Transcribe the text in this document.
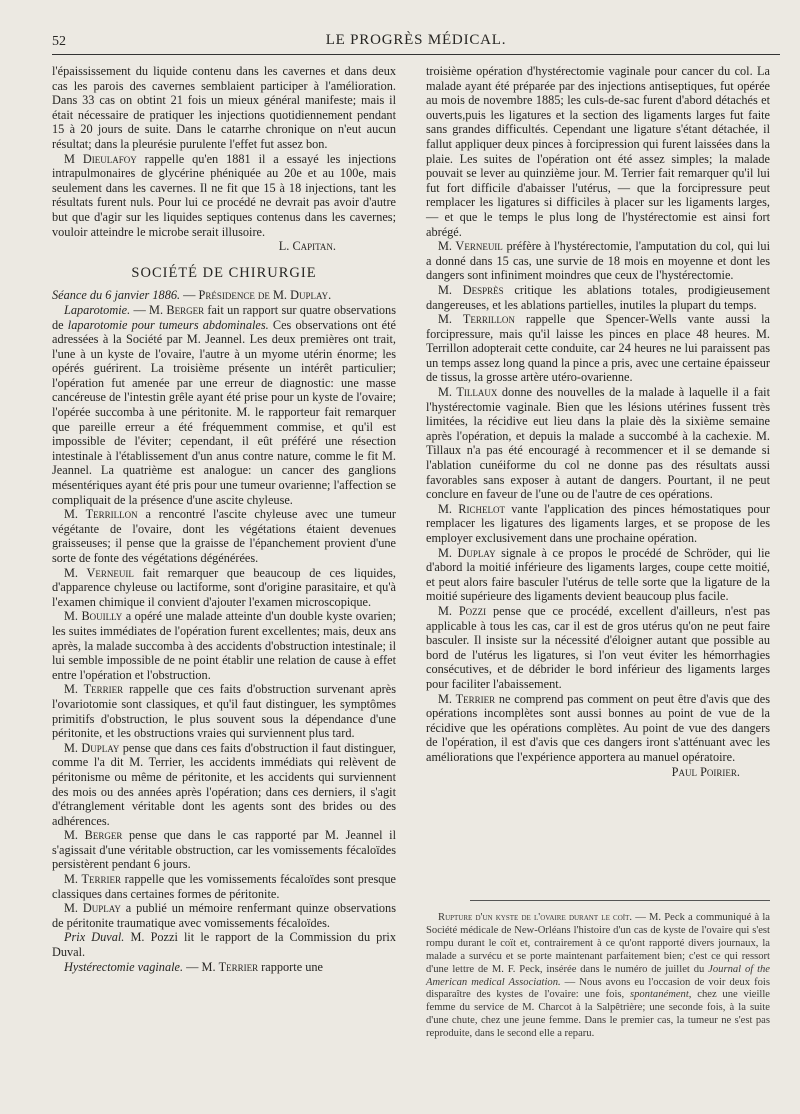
52	LE PROGRÈS MÉDICAL.

l'épaississement du liquide contenu dans les cavernes et dans deux cas les parois des cavernes semblaient participer à l'amélioration. Dans 33 cas on obtint 21 fois un mieux général manifeste; mais il était nécessaire de pratiquer les injections quotidiennement pendant 15 à 20 jours de suite. Dans le catarrhe chronique on n'eut aucun résultat; dans la pleurésie purulente l'effet fut assez bon.

M Dieulafoy rappelle qu'en 1881 il a essayé les injections intrapulmonaires de glycérine phéniquée au 20e et au 100e, mais seulement dans les cavernes. Il ne fit que 15 à 18 injections, tant les résultats furent nuls. Pour lui ce procédé ne devrait pas avoir d'autre but que d'agir sur les liquides septiques contenus dans les cavernes; vouloir atteindre le microbe serait illusoire.

L. Capitan.

SOCIÉTÉ DE CHIRURGIE

Séance du 6 janvier 1886. — Présidence de M. Duplay.

Laparotomie. — M. Berger fait un rapport sur quatre observations de laparotomie pour tumeurs abdominales. Ces observations ont été adressées à la Société par M. Jeannel. Les deux premières ont trait, l'une à un kyste de l'ovaire, l'autre à un myome utérin énorme; les opérés guérirent. La troisième présente un intérêt particulier; l'opération fut amenée par une erreur de diagnostic: une masse cancéreuse de l'intestin grêle ayant été prise pour un kyste de l'ovaire; l'opérée succomba à une péritonite. M. le rapporteur fait remarquer que pareille erreur a été fréquemment commise, et qu'il est impossible de l'éviter; cependant, il eût préféré une résection intestinale à l'établissement d'un anus contre nature, comme le fit M. Jeannel. La quatrième est analogue: un cancer des ganglions mésentériques ayant été pris pour une tumeur ovarienne; l'affection se compliquait de la présence d'une ascite chyleuse.

M. Terrillon a rencontré l'ascite chyleuse avec une tumeur végétante de l'ovaire, dont les végétations étaient devenues graisseuses; il pense que la graisse de l'épanchement provient d'une sorte de fonte des végétations dégénérées.

M. Verneuil fait remarquer que beaucoup de ces liquides, d'apparence chyleuse ou lactiforme, sont d'origine parasitaire, et qu'à l'examen chimique il convient d'ajouter l'examen microscopique.

M. Bouilly a opéré une malade atteinte d'un double kyste ovarien; les suites immédiates de l'opération furent excellentes; mais, deux ans après, la malade succomba à des accidents d'obstruction intestinale; il lui semble impossible de ne point établir une relation de cause à effet entre l'opération et l'obstruction.

M. Terrier rappelle que ces faits d'obstruction survenant après l'ovariotomie sont classiques, et qu'il faut distinguer, les symptômes primitifs d'obstruction, le plus souvent sous la dépendance d'une péritonite, et les obstructions vraies qui surviennent plus tard.

M. Duplay pense que dans ces faits d'obstruction il faut distinguer, comme l'a dit M. Terrier, les accidents immédiats qui relèvent de péritonisme ou même de péritonite, et les accidents qui surviennent des mois ou des années après l'opération; dans ces derniers, il s'agit d'étranglement véritable dont les agents sont des brides ou des adhérences.

M. Berger pense que dans le cas rapporté par M. Jeannel il s'agissait d'une véritable obstruction, car les vomissements fécaloïdes persistèrent pendant 6 jours.

M. Terrier rappelle que les vomissements fécaloïdes sont presque classiques dans certaines formes de péritonite.

M. Duplay a publié un mémoire renfermant quinze observations de péritonite traumatique avec vomissements fécaloïdes.

Prix Duval. M. Pozzi lit le rapport de la Commission du prix Duval.

Hystérectomie vaginale. — M. Terrier rapporte une

troisième opération d'hystérectomie vaginale pour cancer du col. La malade ayant été préparée par des injections antiseptiques, fut opérée au mois de novembre 1885; les culs-de-sac furent d'abord détachés et ouverts,puis les ligatures et la section des ligaments larges fut faite sans grandes difficultés. Cependant une ligature s'étant détachée, il fallut appliquer deux pinces à forcipression qui furent laissées dans la plaie. Les suites de l'opération ont été assez simples; la malade pouvait se lever au quinzième jour. M. Terrier fait remarquer qu'il lui fut fort difficile d'abaisser l'utérus, — que la forcipressure peut remplacer les ligatures si difficiles à placer sur les ligaments larges, — et que le temps le plus long de l'hystérectomie est ainsi fort abrégé.

M. Verneuil préfère à l'hystérectomie, l'amputation du col, qui lui a donné dans 15 cas, une survie de 18 mois en moyenne et dont les dangers sont infiniment moindres que ceux de l'hystérectomie.

M. Desprès critique les ablations totales, prodigieusement dangereuses, et les ablations partielles, inutiles la plupart du temps.

M. Terrillon rappelle que Spencer-Wells vante aussi la forcipressure, mais qu'il laisse les pinces en place 48 heures. M. Terrillon adopterait cette conduite, car 24 heures ne lui paraissent pas un temps assez long quand la pince a pris, avec une certaine épaisseur de tissus, la grosse artère utéro-ovarienne.

M. Tillaux donne des nouvelles de la malade à laquelle il a fait l'hystérectomie vaginale. Bien que les lésions utérines fussent très limitées, la récidive eut lieu dans la plaie dès la sixième semaine après l'opération, et depuis la malade a succombé à la cachexie. M. Tillaux n'a pas été encouragé à recommencer et il se demande si l'ablation cunéiforme du col ne donne pas des résultats aussi favorables sans exposer à autant de dangers. Pourtant, il ne peut conclure en faveur de l'une ou de l'autre de ces opérations.

M. Richelot vante l'application des pinces hémostatiques pour remplacer les ligatures des ligaments larges, et se propose de les employer exclusivement dans une prochaine opération.

M. Duplay signale à ce propos le procédé de Schröder, qui lie d'abord la moitié inférieure des ligaments larges, coupe cette moitié, et peut alors faire basculer l'utérus de telle sorte que la ligature de la moitié supérieure des ligaments devient beaucoup plus facile.

M. Pozzi pense que ce procédé, excellent d'ailleurs, n'est pas applicable à tous les cas, car il est de gros utérus qu'on ne peut faire basculer. Il insiste sur la nécessité d'éloigner autant que possible au bord de l'utérus les ligatures, si l'on veut éviter les hémorrhagies consécutives, et de débrider le bord inférieur des ligaments larges pour faciliter l'abaissement.

M. Terrier ne comprend pas comment on peut être d'avis que des opérations incomplètes sont aussi bonnes au point de vue de la récidive que les opérations complètes. Au point de vue des dangers de l'opération, il est d'avis que ces dangers iront s'atténuant avec les améliorations que l'expérience apportera au manuel opératoire.

Paul Poirier.

Rupture d'un kyste de l'ovaire durant le coït. — M. Peck a communiqué à la Société médicale de New-Orléans l'histoire d'un cas de kyste de l'ovaire qui s'est rompu durant le coït et, contrairement à ce qu'ont rapporté divers journaux, la malade a survécu et se porte maintenant parfaitement bien; c'est ce qui ressort d'une lettre de M. F. Peck, insérée dans le numéro de juillet du Journal of the American medical Association. — Nous avons eu l'occasion de voir deux fois disparaître des kystes de l'ovaire: une fois, spontanément, chez une vieille femme du service de M. Charcot à la Salpêtrière; une seconde fois, à la suite d'une chute, chez une jeune femme. Dans le premier cas, la tumeur ne s'est pas reproduite, dans le second elle a reparu.
